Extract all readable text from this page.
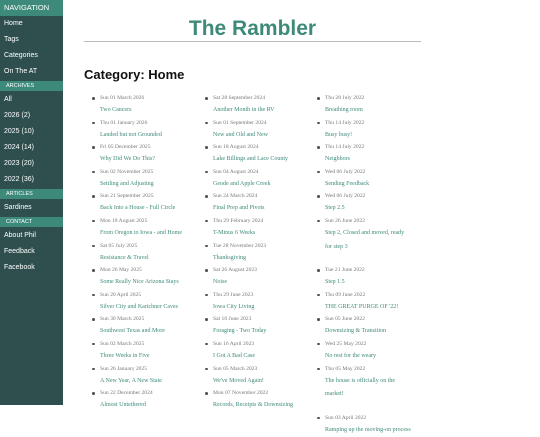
NAVIGATION
Home
Tags
Categories
On The AT
ARCHIVES
All
2026 (2)
2025 (10)
2024 (14)
2023 (20)
2022 (36)
ARTICLES
Sardines
CONTACT
About Phil
Feedback
Facebook
The Rambler
Category: Home
Sun 01 March 2026
Two Cancers
Thu 01 January 2026
Landed but not Grounded
Fri 05 December 2025
Why Did We Do This?
Sun 02 November 2025
Settling and Adjusting
Sun 21 September 2025
Back Into a House - Full Circle
Mon 18 August 2025
From Oregon to Iowa - and Home
Sat 05 July 2025
Resistance & Travel
Mon 26 May 2025
Some Really Nice Arizona Stays
Sun 20 April 2025
Silver City and Kartchner Caves
Sun 30 March 2025
Southwest Texas and More
Sun 02 March 2025
Three Weeks in Five
Sun 26 January 2025
A New Year, A New State
Sun 22 December 2024
Almost Untethered
Sat 28 September 2024
Another Month in the RV
Sun 01 September 2024
New and Old and New
Sun 18 August 2024
Lake Billings and Lace County
Sun 04 August 2024
Geode and Apple Creek
Sun 24 March 2024
Final Prep and Pivots
Thu 29 February 2024
T-Minus 6 Weeks
Tue 28 November 2023
Thanksgiving
Sat 26 August 2023
Noise
Thu 29 June 2023
Iowa City Living
Sat 10 June 2023
Foraging - Two Today
Sun 16 April 2023
I Got A Bad Case
Sun 05 March 2023
We've Moved Again!
Mon 07 November 2022
Records, Receipts & Downsizing
Thu 28 July 2022
Breathing room
Thu 14 July 2022
Busy busy!
Thu 14 July 2022
Neighbors
Wed 06 July 2022
Sending Feedback
Wed 06 July 2022
Step 2.5
Sun 26 June 2022
Step 2, Closed and moved, ready
for step 3
Tue 21 June 2022
Step 1.5
Thu 09 June 2022
THE GREAT PURGE OF '22!
Sun 05 June 2022
Downsizing & Transition
Wed 25 May 2022
No rest for the weary
Thu 05 May 2022
The house is officially on the
market!
Sun 03 April 2022
Ramping up the moving-on process
